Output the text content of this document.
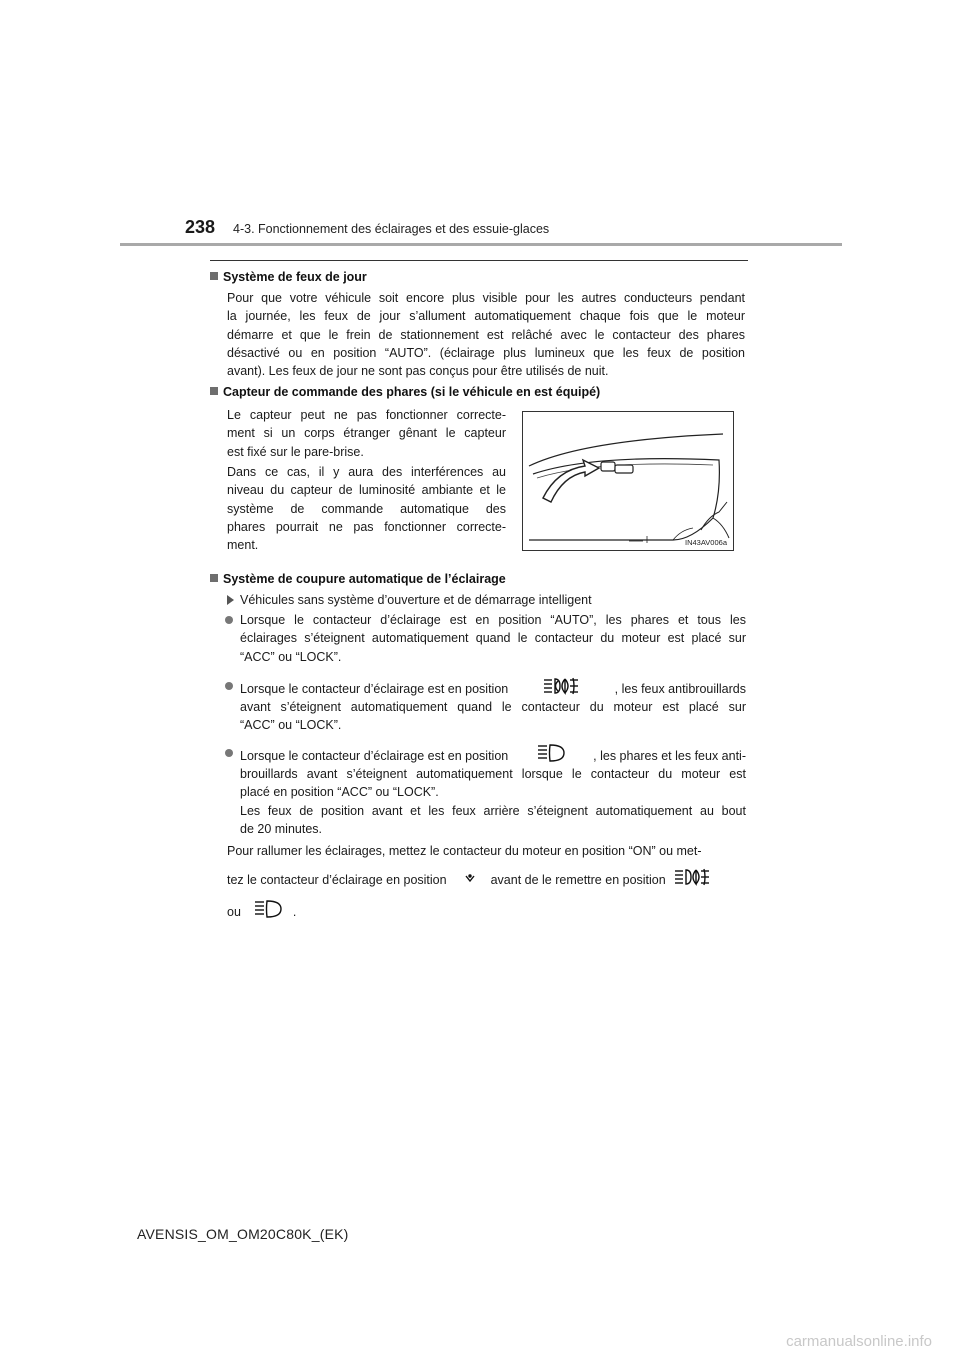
238 4-3. Fonctionnement des éclairages et des essuie-glaces
Système de feux de jour

Pour que votre véhicule soit encore plus visible pour les autres conducteurs pendant

la journée, les feux de jour s’allument automatiquement chaque fois que le moteur

démarre et que le frein de stationnement est relâché avec le contacteur des phares

désactivé ou en position “AUTO”. (éclairage plus lumineux que les feux de position

avant). Les feux de jour ne sont pas conçus pour être utilisés de nuit.

Capteur de commande des phares (si le véhicule en est équipé)

Le capteur peut ne pas fonctionner correcte-

ment si un corps étranger gênant le capteur

est fixé sur le pare-brise.

Dans ce cas, il y aura des interférences au

niveau du capteur de luminosité ambiante et le

système de commande automatique des

phares pourrait ne pas fonctionner correcte-

ment.	IN43AV006a
Système de coupure automatique de l’éclairage
Véhicules sans système d’ouverture et de démarrage intelligent

Lorsque le contacteur d’éclairage est en position “AUTO”, les phares et tous les

éclairages s’éteignent automatiquement quand le contacteur du moteur est placé sur

“ACC” ou “LOCK”.

Lorsque le contacteur d’éclairage est en position	, les feux antibrouillards

avant s’éteignent automatiquement quand le contacteur du moteur est placé sur

“ACC” ou “LOCK”.

Lorsque le contacteur d’éclairage est en position	, les phares et les feux anti-

brouillards avant s’éteignent automatiquement lorsque le contacteur du moteur est

placé en position “ACC” ou “LOCK”.

Les feux de position avant et les feux arrière s’éteignent automatiquement au bout

de 20 minutes.

Pour rallumer les éclairages, mettez le contacteur du moteur en position “ON” ou met-
tez le contacteur d’éclairage en position	avant de le remettre en position
ou	.
AVENSIS_OM_OM20C80K_(EK)
carmanualsonline.info
